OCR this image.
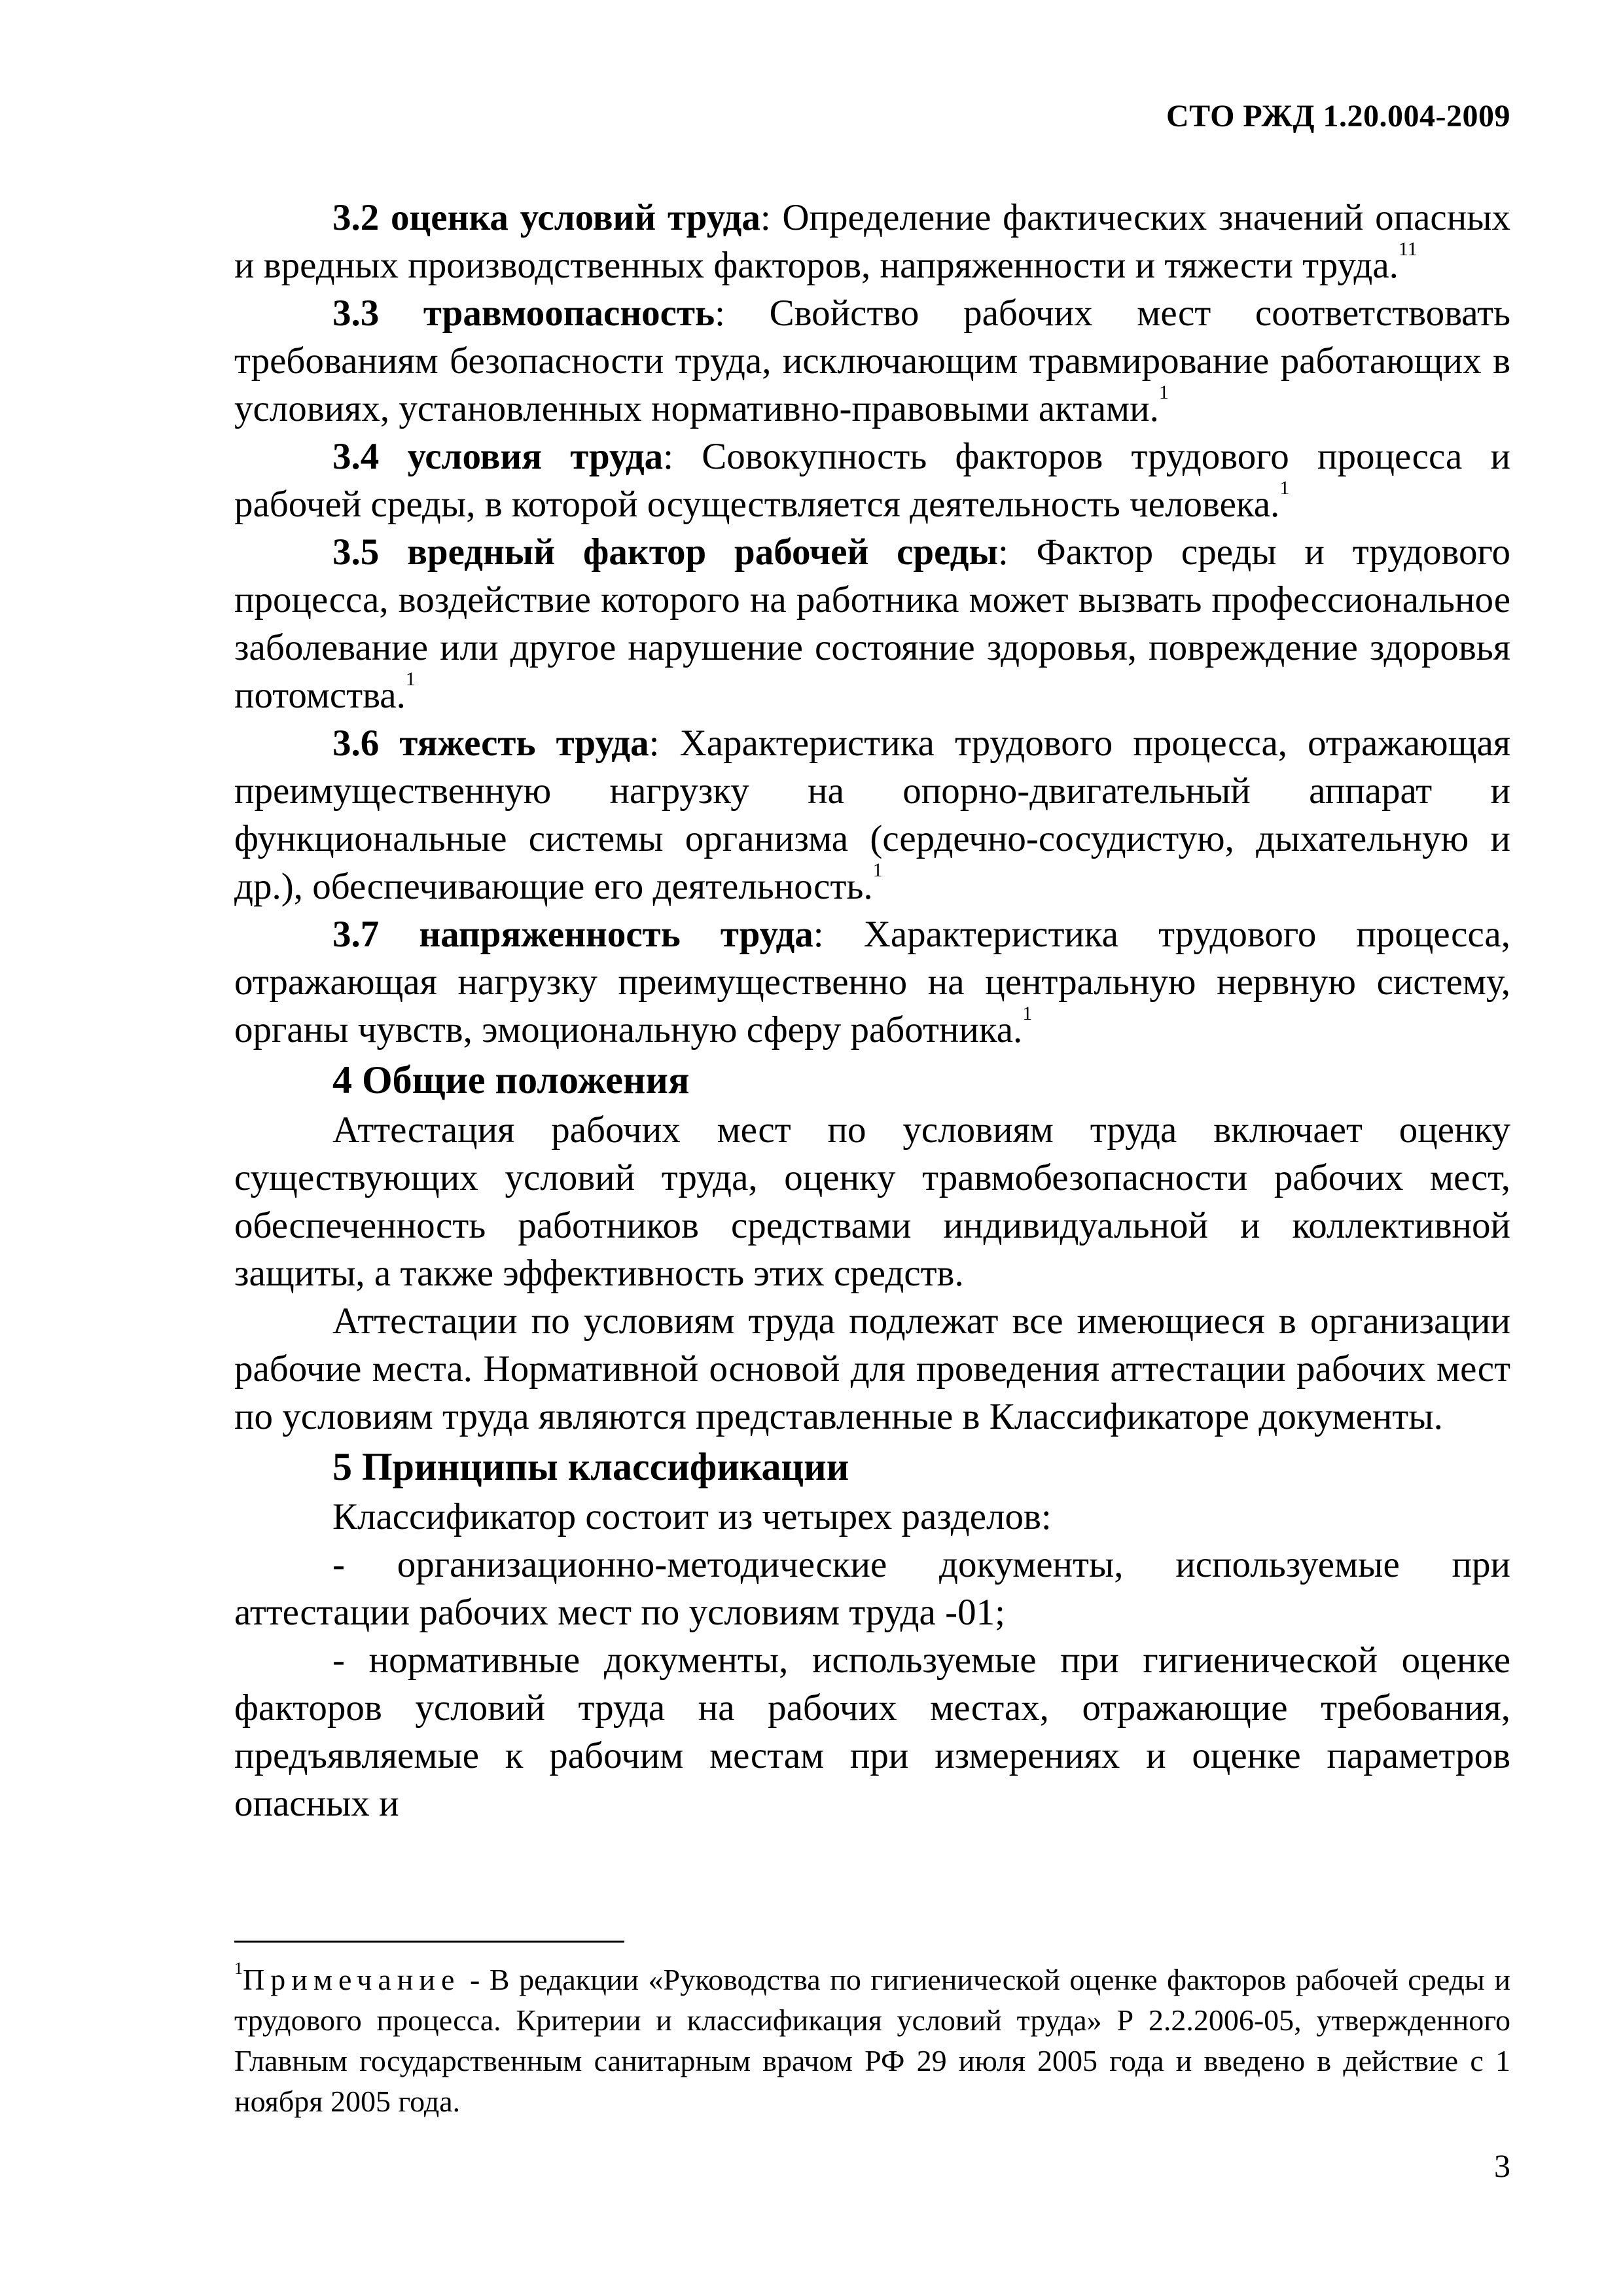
СТО РЖД 1.20.004-2009

3.2 оценка условий труда: Определение фактических значений опасных и вредных производственных факторов, напряженности и тяжести труда.$^{11}$

3.3 травмоопасность: Свойство рабочих мест соответствовать требованиям безопасности труда, исключающим травмирование работающих в условиях, установленных нормативно-правовыми актами.$^1$

3.4 условия труда: Совокупность факторов трудового процесса и рабочей среды, в которой осуществляется деятельность человека.$^1$

3.5 вредный фактор рабочей среды: Фактор среды и трудового процесса, воздействие которого на работника может вызвать профессиональное заболевание или другое нарушение состояние здоровья, повреждение здоровья потомства.$^1$

3.6 тяжесть труда: Характеристика трудового процесса, отражающая преимущественную нагрузку на опорно-двигательный аппарат и функциональные системы организма (сердечно-сосудистую, дыхательную и др.), обеспечивающие его деятельность.$^1$

3.7 напряженность труда: Характеристика трудового процесса, отражающая нагрузку преимущественно на центральную нервную систему, органы чувств, эмоциональную сферу работника.$^1$

4 Общие положения

Аттестация рабочих мест по условиям труда включает оценку существующих условий труда, оценку травмобезопасности рабочих мест, обеспеченность работников средствами индивидуальной и коллективной защиты, а также эффективность этих средств.

Аттестации по условиям труда подлежат все имеющиеся в организации рабочие места. Нормативной основой для проведения аттестации рабочих мест по условиям труда являются представленные в Классификаторе документы.

5 Принципы классификации

Классификатор состоит из четырех разделов:

- организационно-методические документы, используемые при аттестации рабочих мест по условиям труда -01;

- нормативные документы, используемые при гигиенической оценке факторов условий труда на рабочих местах, отражающие требования, предъявляемые к рабочим местам при измерениях и оценке параметров опасных и

$^1$Примечание - В редакции «Руководства по гигиенической оценке факторов рабочей среды и трудового процесса. Критерии и классификация условий труда» Р 2.2.2006-05, утвержденного Главным государственным санитарным врачом РФ 29 июля 2005 года и введено в действие с 1 ноября 2005 года.
3
